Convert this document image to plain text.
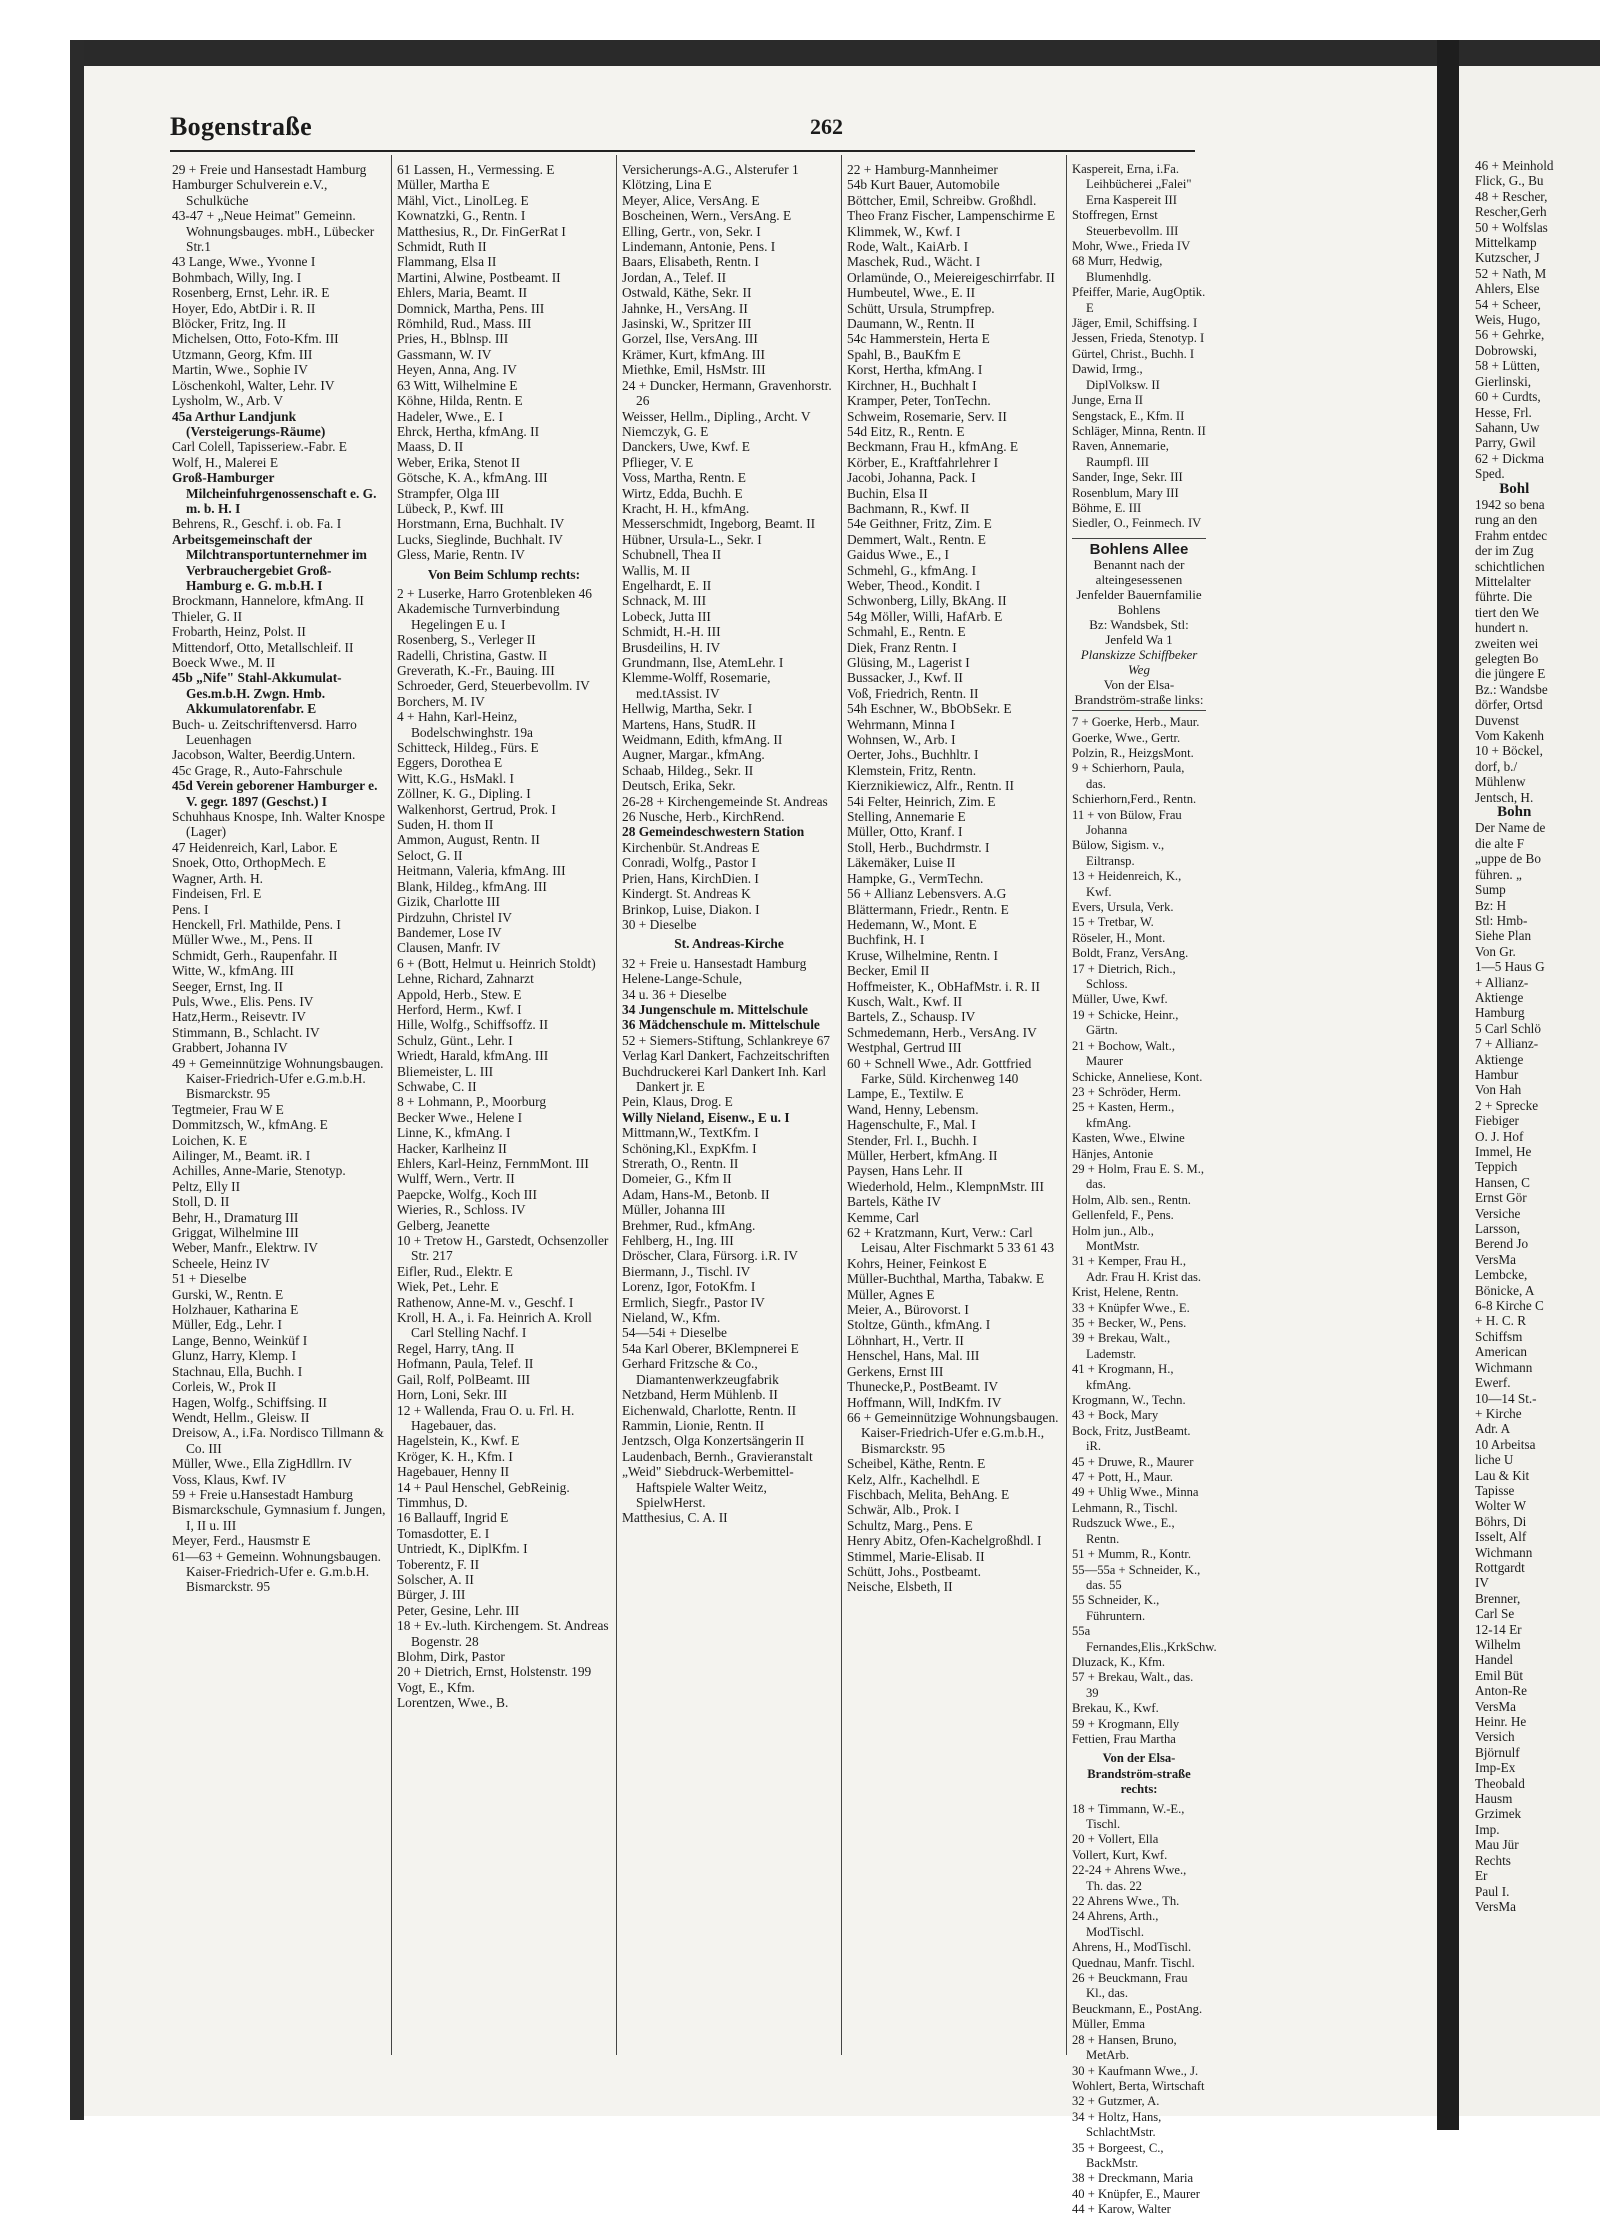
Bogenstraße	262
29 + Freie und Hansestadt Hamburg
Hamburger Schulverein e.V., Schulküche
43-47 + „Neue Heimat" Gemeinn. Wohnungsbauges. mbH., Lübecker Str.1
43 Lange, Wwe., Yvonne I
Bohmbach, Willy, Ing. I
Rosenberg, Ernst, Lehr. iR. E
Hoyer, Edo, AbtDir i. R. II
Blöcker, Fritz, Ing. II
Michelsen, Otto, Foto-Kfm. III
Utzmann, Georg, Kfm. III
Martin, Wwe., Sophie IV
Löschenkohl, Walter, Lehr. IV
Lysholm, W., Arb. V
45a Arthur Landjunk (Versteigerungs-Räume)
Carl Colell, Tapisseriew.-Fabr. E
Wolf, H., Malerei E
Groß-Hamburger Milcheinfuhrgenossenschaft e. G. m. b. H. I
Behrens, R., Geschf. i. ob. Fa. I
Arbeitsgemeinschaft der Milchtransportunternehmer im Verbrauchergebiet Groß-Hamburg e. G. m.b.H. I
Brockmann, Hannelore, kfmAng. II
Thieler, G. II
Frobarth, Heinz, Polst. II
Mittendorf, Otto, Metallschleif. II
Boeck Wwe., M. II
45b „Nife" Stahl-Akkumulat-Ges.m.b.H. Zwgn. Hmb. Akkumulatorenfabr. E
Buch- u. Zeitschriftenversd. Harro Leuenhagen
Jacobson, Walter, Beerdig.Untern.
45c Grage, R., Auto-Fahrschule
45d Verein geborener Hamburger e. V. gegr. 1897 (Geschst.) I
Schuhhaus Knospe, Inh. Walter Knospe (Lager)
47 Heidenreich, Karl, Labor. E
Snoek, Otto, OrthopMech. E
Wagner, Arth. H.
Findeisen, Frl. E
Pens. I
Henckell, Frl. Mathilde, Pens. I
Müller Wwe., M., Pens. II
Schmidt, Gerh., Raupenfahr. II
Witte, W., kfmAng. III
Seeger, Ernst, Ing. II
Puls, Wwe., Elis. Pens. IV
Hatz,Herm., Reisevtr. IV
Stimmann, B., Schlacht. IV
Grabbert, Johanna IV
49 + Gemeinnützige Wohnungsbaugen. Kaiser-Friedrich-Ufer e.G.m.b.H. Bismarckstr. 95
Tegtmeier, Frau W E
Dommitzsch, W., kfmAng. E
Loichen, K. E
Ailinger, M., Beamt. iR. I
Achilles, Anne-Marie, Stenotyp.
Peltz, Elly II
Stoll, D. II
Behr, H., Dramaturg III
Griggat, Wilhelmine III
Weber, Manfr., Elektrw. IV
Scheele, Heinz IV
51 + Dieselbe
Gurski, W., Rentn. E
Holzhauer, Katharina E
Müller, Edg., Lehr. I
Lange, Benno, Weinküf I
Glunz, Harry, Klemp. I
Stachnau, Ella, Buchh. I
Corleis, W., Prok II
Hagen, Wolfg., Schiffsing. II
Wendt, Hellm., Gleisw. II
Dreisow, A., i.Fa. Nordisco Tillmann & Co. III
Müller, Wwe., Ella ZigHdllrn. IV
Voss, Klaus, Kwf. IV
59 + Freie u.Hansestadt Hamburg
Bismarckschule, Gymnasium f. Jungen, I, II u. III
Meyer, Ferd., Hausmstr E
61—63 + Gemeinn. Wohnungsbaugen. Kaiser-Friedrich-Ufer e. G.m.b.H. Bismarckstr. 95
61 Lassen, H., Vermessing. E
Müller, Martha E
Mähl, Vict., LinolLeg. E
Kownatzki, G., Rentn. I
Matthesius, R., Dr. FinGerRat I
Schmidt, Ruth II
Flammang, Elsa II
Martini, Alwine, Postbeamt. II
Ehlers, Maria, Beamt. II
Domnick, Martha, Pens. III
Römhild, Rud., Mass. III
Pries, H., Bblnsp. III
Gassmann, W. IV
Heyen, Anna, Ang. IV
63 Witt, Wilhelmine E
Köhne, Hilda, Rentn. E
Hadeler, Wwe., E. I
Ehrck, Hertha, kfmAng. II
Maass, D. II
Weber, Erika, Stenot II
Götsche, K. A., kfmAng. III
Strampfer, Olga III
Lübeck, P., Kwf. III
Horstmann, Erna, Buchhalt. IV
Lucks, Sieglinde, Buchhalt. IV
Gless, Marie, Rentn. IV
Von Beim Schlump rechts:
2 + Luserke, Harro Grotenbleken 46
Akademische Turnverbindung Hegelingen E u. I
Rosenberg, S., Verleger II
Radelli, Christina, Gastw. II
Greverath, K.-Fr., Bauing. III
Schroeder, Gerd, Steuerbevollm. IV
Borchers, M. IV
4 + Hahn, Karl-Heinz, Bodelschwinghstr. 19a
Schitteck, Hildeg., Fürs. E
Eggers, Dorothea E
Witt, K.G., HsMakl. I
Zöllner, K. G., Dipling. I
Walkenhorst, Gertrud, Prok. I
Suden, H. thom II
Ammon, August, Rentn. II
Seloct, G. II
Heitmann, Valeria, kfmAng. III
Blank, Hildeg., kfmAng. III
Gizik, Charlotte III
Pirdzuhn, Christel IV
Bandemer, Lose IV
Clausen, Manfr. IV
6 + (Bott, Helmut u. Heinrich Stoldt)
Lehne, Richard, Zahnarzt
Appold, Herb., Stew. E
Herford, Herm., Kwf. I
Hille, Wolfg., Schiffsoffz. II
Schulz, Günt., Lehr. I
Wriedt, Harald, kfmAng. III
Bliemeister, L. III
Schwabe, C. II
8 + Lohmann, P., Moorburg
Becker Wwe., Helene I
Linne, K., kfmAng. I
Hacker, Karlheinz II
Ehlers, Karl-Heinz, FernmMont. III
Wulff, Wern., Vertr. II
Paepcke, Wolfg., Koch III
Wieries, R., Schloss. IV
Gelberg, Jeanette
10 + Tretow H., Garstedt, Ochsenzoller Str. 217
Eifler, Rud., Elektr. E
Wiek, Pet., Lehr. E
Rathenow, Anne-M. v., Geschf. I
Kroll, H. A., i. Fa. Heinrich A. Kroll Carl Stelling Nachf. I
Regel, Harry, tAng. II
Hofmann, Paula, Telef. II
Gail, Rolf, PolBeamt. III
Horn, Loni, Sekr. III
12 + Wallenda, Frau O. u. Frl. H. Hagebauer, das.
Hagelstein, K., Kwf. E
Kröger, K. H., Kfm. I
Hagebauer, Henny II
14 + Paul Henschel, GebReinig.
Timmhus, D.
16 Ballauff, Ingrid E
Tomasdotter, E. I
Untriedt, K., DiplKfm. I
Toberentz, F. II
Solscher, A. II
Bürger, J. III
Peter, Gesine, Lehr. III
18 + Ev.-luth. Kirchengem. St. Andreas Bogenstr. 28
Blohm, Dirk, Pastor
20 + Dietrich, Ernst, Holstenstr. 199
Vogt, E., Kfm.
Lorentzen, Wwe., B.
Versicherungs-A.G., Alsterufer 1
Klötzing, Lina E
Meyer, Alice, VersAng. E
Boscheinen, Wern., VersAng. E
Elling, Gertr., von, Sekr. I
Lindemann, Antonie, Pens. I
Baars, Elisabeth, Rentn. I
Jordan, A., Telef. II
Ostwald, Käthe, Sekr. II
Jahnke, H., VersAng. II
Jasinski, W., Spritzer III
Gorzel, Ilse, VersAng. III
Krämer, Kurt, kfmAng. III
Miethke, Emil, HsMstr. III
24 + Duncker, Hermann, Gravenhorstr. 26
Weisser, Hellm., Dipling., Archt. V
Niemczyk, G. E
Danckers, Uwe, Kwf. E
Pflieger, V. E
Voss, Martha, Rentn. E
Wirtz, Edda, Buchh. E
Kracht, H. H., kfmAng.
Messerschmidt, Ingeborg, Beamt. II
Hübner, Ursula-L., Sekr. I
Schubnell, Thea II
Wallis, M. II
Engelhardt, E. II
Schnack, M. III
Lobeck, Jutta III
Schmidt, H.-H. III
Brusdeilins, H. IV
Grundmann, Ilse, AtemLehr. I
Klemme-Wolff, Rosemarie, med.tAssist. IV
Hellwig, Martha, Sekr. I
Martens, Hans, StudR. II
Weidmann, Edith, kfmAng. II
Augner, Margar., kfmAng.
Schaab, Hildeg., Sekr. II
Deutsch, Erika, Sekr.
26-28 + Kirchengemeinde St. Andreas
26 Nusche, Herb., KirchRend.
28 Gemeindeschwestern Station
Kirchenbür. St.Andreas E
Conradi, Wolfg., Pastor I
Prien, Hans, KirchDien. I
Kindergt. St. Andreas K
Brinkop, Luise, Diakon. I
30 + Dieselbe
St. Andreas-Kirche
32 + Freie u. Hansestadt Hamburg
Helene-Lange-Schule,
34 u. 36 + Dieselbe
34 Jungenschule m. Mittelschule
36 Mädchenschule m. Mittelschule
52 + Siemers-Stiftung, Schlankreye 67
Verlag Karl Dankert, Fachzeitschriften
Buchdruckerei Karl Dankert Inh. Karl Dankert jr. E
Pein, Klaus, Drog. E
Willy Nieland, Eisenw., E u. I
Mittmann,W., TextKfm. I
Schöning,Kl., ExpKfm. I
Strerath, O., Rentn. II
Domeier, G., Kfm II
Adam, Hans-M., Betonb. II
Müller, Johanna III
Brehmer, Rud., kfmAng.
Fehlberg, H., Ing. III
Dröscher, Clara, Fürsorg. i.R. IV
Biermann, J., Tischl. IV
Lorenz, Igor, FotoKfm. I
Ermlich, Siegfr., Pastor IV
Nieland, W., Kfm.
54—54i + Dieselbe
54a Karl Oberer, BKlempnerei E
Gerhard Fritzsche & Co., Diamantenwerkzeugfabrik
Netzband, Herm Mühlenb. II
Eichenwald, Charlotte, Rentn. II
Rammin, Lionie, Rentn. II
Jentzsch, Olga Konzertsängerin II
Laudenbach, Bernh., Gravieranstalt
„Weid" Siebdruck-Werbemittel-Haftspiele Walter Weitz, SpielwHerst.
Matthesius, C. A. II
22 + Hamburg-Mannheimer
54b Kurt Bauer, Automobile
Böttcher, Emil, Schreibw. Großhdl.
Theo Franz Fischer, Lampenschirme E
Klimmek, W., Kwf. I
Rode, Walt., KaiArb. I
Maschek, Rud., Wächt. I
Orlamünde, O., Meiereigeschirrfabr. II
Humbeutel, Wwe., E. II
Schütt, Ursula, Strumpfrep.
Daumann, W., Rentn. II
54c Hammerstein, Herta E
Spahl, B., BauKfm E
Korst, Hertha, kfmAng. I
Kirchner, H., Buchhalt I
Kramper, Peter, TonTechn.
Schweim, Rosemarie, Serv. II
54d Eitz, R., Rentn. E
Beckmann, Frau H., kfmAng. E
Körber, E., Kraftfahrlehrer I
Jacobi, Johanna, Pack. I
Buchin, Elsa II
Bachmann, R., Kwf. II
54e Geithner, Fritz, Zim. E
Demmert, Walt., Rentn. E
Gaidus Wwe., E., I
Schmehl, G., kfmAng. I
Weber, Theod., Kondit. I
Schwonberg, Lilly, BkAng. II
54g Möller, Willi, HafArb. E
Schmahl, E., Rentn. E
Diek, Franz Rentn. I
Glüsing, M., Lagerist I
Bussacker, J., Kwf. II
Voß, Friedrich, Rentn. II
54h Eschner, W., BbObSekr. E
Wehrmann, Minna I
Wohnsen, W., Arb. I
Oerter, Johs., Buchhltr. I
Klemstein, Fritz, Rentn.
Kierznikiewicz, Alfr., Rentn. II
54i Felter, Heinrich, Zim. E
Stelling, Annemarie E
Müller, Otto, Kranf. I
Stoll, Herb., Buchdrmstr. I
Läkemäker, Luise II
Hampke, G., VermTechn.
56 + Allianz Lebensvers. A.G
Blättermann, Friedr., Rentn. E
Hedemann, W., Mont. E
Buchfink, H. I
Kruse, Wilhelmine, Rentn. I
Becker, Emil II
Hoffmeister, K., ObHafMstr. i. R. II
Kusch, Walt., Kwf. II
Bartels, Z., Schausp. IV
Schmedemann, Herb., VersAng. IV
Westphal, Gertrud III
60 + Schnell Wwe., Adr. Gottfried Farke, Süld. Kirchenweg 140
Lampe, E., Textilw. E
Wand, Henny, Lebensm.
Hagenschulte, F., Mal. I
Stender, Frl. I., Buchh. I
Müller, Herbert, kfmAng. II
Paysen, Hans Lehr. II
Wiederhold, Helm., KlempnMstr. III
Bartels, Käthe IV
Kemme, Carl
62 + Kratzmann, Kurt, Verw.: Carl Leisau, Alter Fischmarkt 5 33 61 43
Kohrs, Heiner, Feinkost E
Müller-Buchthal, Martha, Tabakw. E
Müller, Agnes E
Meier, A., Bürovorst. I
Stoltze, Günth., kfmAng. I
Löhnhart, H., Vertr. II
Henschel, Hans, Mal. III
Gerkens, Ernst III
Thunecke,P., PostBeamt. IV
Hoffmann, Will, IndKfm. IV
66 + Gemeinnützige Wohnungsbaugen. Kaiser-Friedrich-Ufer e.G.m.b.H., Bismarckstr. 95
Scheibel, Käthe, Rentn. E
Kelz, Alfr., Kachelhdl. E
Fischbach, Melita, BehAng. E
Schwär, Alb., Prok. I
Schultz, Marg., Pens. E
Henry Abitz, Ofen-Kachelgroßhdl. I
Stimmel, Marie-Elisab. II
Schütt, Johs., Postbeamt.
Neische, Elsbeth, II
Kaspereit, Erna, i.Fa. Leihbücherei „Falei" Erna Kaspereit III
Stoffregen, Ernst Steuerbevollm. III
Mohr, Wwe., Frieda IV
68 Murr, Hedwig, Blumenhdlg.
Pfeiffer, Marie, AugOptik. E
Jäger, Emil, Schiffsing. I
Jessen, Frieda, Stenotyp. I
Gürtel, Christ., Buchh. I
Dawid, Irmg., DiplVolksw. II
Junge, Erna II
Sengstack, E., Kfm. II
Schläger, Minna, Rentn. II
Raven, Annemarie, Raumpfl. III
Sander, Inge, Sekr. III
Rosenblum, Mary III
Böhme, E. III
Siedler, O., Feinmech. IV
Bohlens Allee
Benannt nach der alteingesessenen Jenfelder Bauernfamilie Bohlens
Bz: Wandsbek, Stl: Jenfeld Wa 1
Planskizze Schiffbeker Weg
Von der Elsa-Brandström-straße links:
7 + Goerke, Herb., Maur.
Goerke, Wwe., Gertr.
Polzin, R., HeizgsMont.
9 + Schierhorn, Paula, das.
Schierhorn,Ferd., Rentn.
11 + von Bülow, Frau Johanna
Bülow, Sigism. v., Eiltransp.
13 + Heidenreich, K., Kwf.
Evers, Ursula, Verk.
15 + Tretbar, W.
Röseler, H., Mont.
Boldt, Franz, VersAng.
17 + Dietrich, Rich., Schloss.
Müller, Uwe, Kwf.
19 + Schicke, Heinr., Gärtn.
21 + Bochow, Walt., Maurer
Schicke, Anneliese, Kont.
23 + Schröder, Herm.
25 + Kasten, Herm., kfmAng.
Kasten, Wwe., Elwine
Hänjes, Antonie
29 + Holm, Frau E. S. M., das.
Holm, Alb. sen., Rentn.
Gellenfeld, F., Pens.
Holm jun., Alb., MontMstr.
31 + Kemper, Frau H., Adr. Frau H. Krist das.
Krist, Helene, Rentn.
33 + Knüpfer Wwe., E.
35 + Becker, W., Pens.
39 + Brekau, Walt., Lademstr.
41 + Krogmann, H., kfmAng.
Krogmann, W., Techn.
43 + Bock, Mary
Bock, Fritz, JustBeamt. iR.
45 + Druwe, R., Maurer
47 + Pott, H., Maur.
49 + Uhlig Wwe., Minna
Lehmann, R., Tischl.
Rudszuck Wwe., E., Rentn.
51 + Mumm, R., Kontr.
55—55a + Schneider, K., das. 55
55 Schneider, K., Führuntern.
55a Fernandes,Elis.,KrkSchw.
Dluzack, K., Kfm.
57 + Brekau, Walt., das. 39
Brekau, K., Kwf.
59 + Krogmann, Elly
Fettien, Frau Martha
Von der Elsa-Brandström-straße rechts:
18 + Timmann, W.-E., Tischl.
20 + Vollert, Ella
Vollert, Kurt, Kwf.
22-24 + Ahrens Wwe., Th. das. 22
22 Ahrens Wwe., Th.
24 Ahrens, Arth., ModTischl.
Ahrens, H., ModTischl.
Quednau, Manfr. Tischl.
26 + Beuckmann, Frau Kl., das.
Beuckmann, E., PostAng.
Müller, Emma
28 + Hansen, Bruno, MetArb.
30 + Kaufmann Wwe., J.
Wohlert, Berta, Wirtschaft
32 + Gutzmer, A.
34 + Holtz, Hans, SchlachtMstr.
35 + Borgeest, C., BackMstr.
38 + Dreckmann, Maria
40 + Knüpfer, E., Maurer
44 + Karow, Walter
46 + Meinhold
Flick, G., Bu
48 + Rescher,
Rescher,Gerh
50 + Wolfslas
Mittelkamp
Kutzscher, J
52 + Nath, M
Ahlers, Else
54 + Scheer,
Weis, Hugo,
56 + Gehrke,
Dobrowski,
58 + Lütten,
Gierlinski,
60 + Curdts,
Hesse, Frl.
Sahann, Uw
Parry, Gwil
62 + Dickma
Sped.
Bohl
1942 so bena
rung an den
Frahm entdec
der im Zug
schichtlichen
Mittelalter
führte. Die
tiert den We
hundert n.
zweiten wei
gelegten Bo
die jüngere E
Bz.: Wandsbe
dörfer, Ortsd
Duvenst
Vom Kakenh
10 + Böckel,
dorf, b./
Mühlenw
Jentsch, H.
Bohn
Der Name de
die alte F
„uppe de Bo
führen. „
Sump
Bz: H
Stl: Hmb-
Siehe Plan
Von Gr.
1—5 Haus G
+ Allianz-
Aktienge
Hamburg
5 Carl Schlö
7 + Allianz-
Aktienge
Hambur
Von Hah
2 + Sprecke
Fiebiger
O. J. Hof
Immel, He
Teppich
Hansen, C
Ernst Gör
Versiche
Larsson,
Berend Jo
VersMa
Lembcke,
Bönicke, A
6-8 Kirche C
+ H. C. R
Schiffsm
American
Wichmann
Ewerf.
10—14 St.-
+ Kirche
Adr. A
10 Arbeitsa
liche U
Lau & Kit
Tapisse
Wolter W
Böhrs, Di
Isselt, Alf
Wichmann
Rottgardt
IV
Brenner,
Carl Se
12-14 Er
Wilhelm
Handel
Emil Büt
Anton-Re
VersMa
Heinr. He
Versich
Björnulf
Imp-Ex
Theobald
Hausm
Grzimek
Imp.
Mau Jür
Rechts
Er
Paul I.
VersMa
